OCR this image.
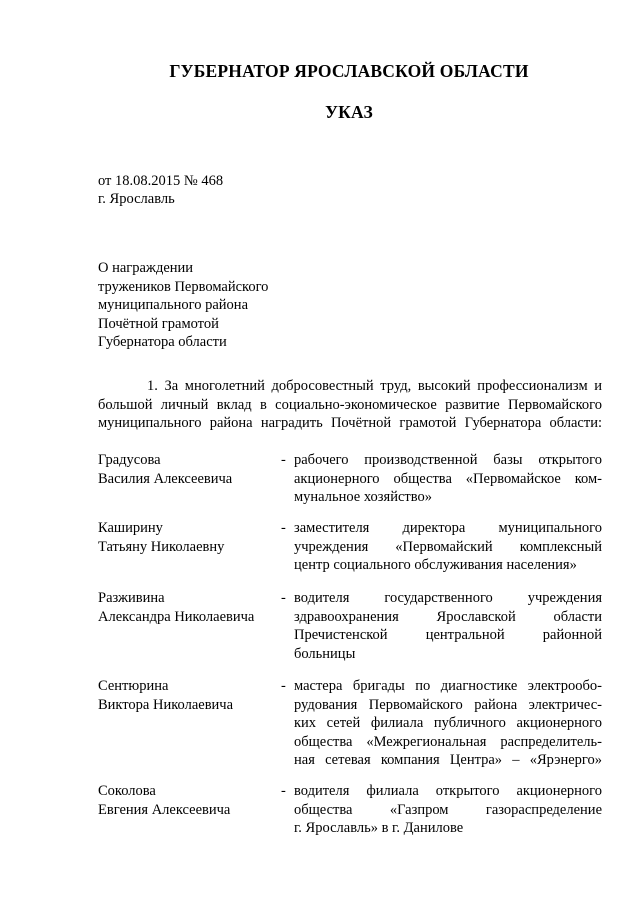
ГУБЕРНАТОР ЯРОСЛАВСКОЙ ОБЛАСТИ
УКАЗ
от 18.08.2015 № 468
г. Ярославль
О награждении
тружеников Первомайского
муниципального района
Почётной грамотой
Губернатора области
1. За многолетний добросовестный труд, высокий профессионализм и
большой личный вклад в социально-экономическое развитие Первомайского
муниципального района наградить Почётной грамотой Губернатора области:
Градусова
Василия Алексеевича
- рабочего производственной базы открытого
акционерного общества «Первомайское ком-
мунальное хозяйство»
Каширину
Татьяну Николаевну
- заместителя директора муниципального
учреждения «Первомайский комплексный
центр социального обслуживания населения»
Разживина
Александра Николаевича
- водителя государственного учреждения
здравоохранения Ярославской области
Пречистенской центральной районной
больницы
Сентюрина
Виктора Николаевича
- мастера бригады по диагностике электрообо-
рудования Первомайского района электричес-
ких сетей филиала публичного акционерного
общества «Межрегиональная распределитель-
ная сетевая компания Центра» – «Ярэнерго»
Соколова
Евгения Алексеевича
- водителя филиала открытого акционерного
общества «Газпром газораспределение
г. Ярославль» в г. Данилове
